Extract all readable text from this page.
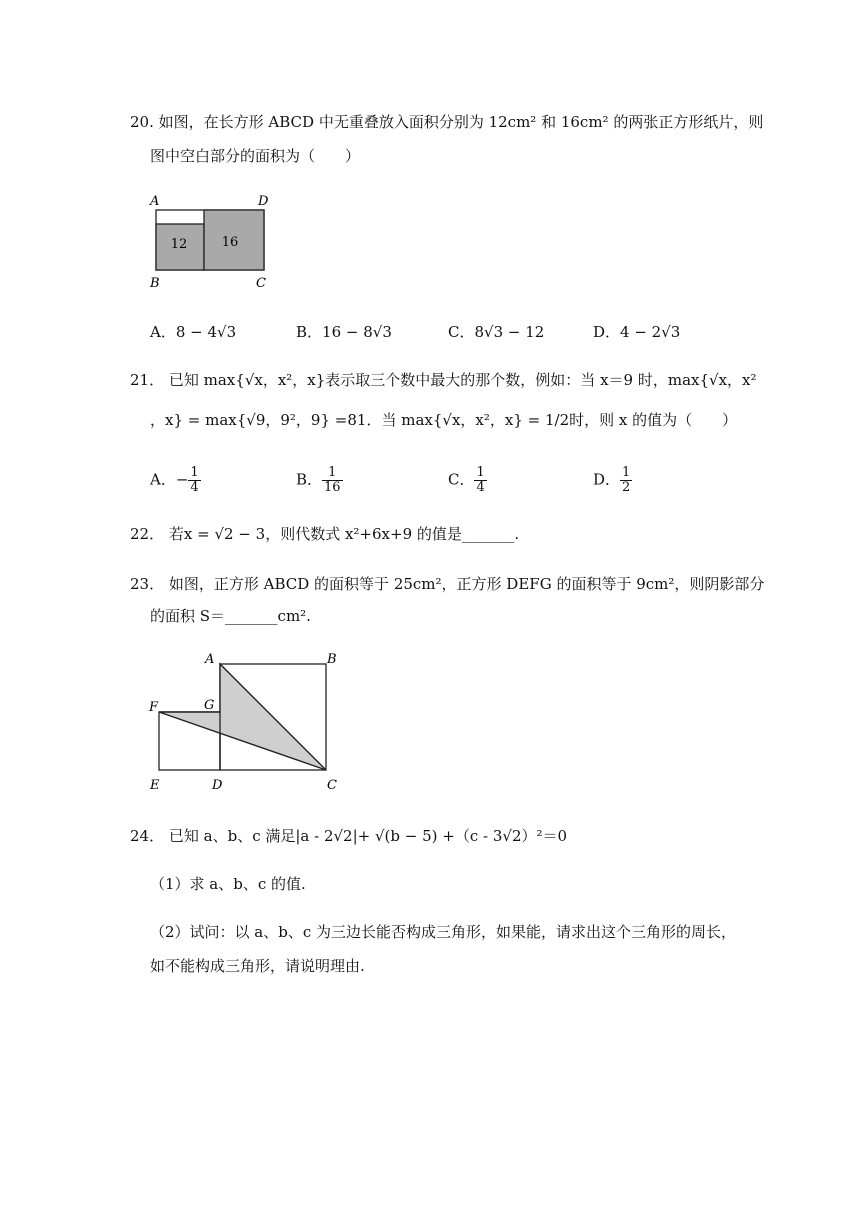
20. 如图，在长方形 ABCD 中无重叠放入面积分别为 12cm² 和 16cm² 的两张正方形纸片，则
图中空白部分的面积为（　　）
12	16
A	D
B	C
A．8 − 4√3	B．16 − 8√3	C．8√3 − 12	D．4 − 2√3
21． 已知 max{√x，x²，x}表示取三个数中最大的那个数，例如：当 x＝9 时，max{√x，x²
，x} = max{√9，9²，9} =81．当 max{√x，x²，x} = 1/2时，则 x 的值为（　　）
A．− $\frac{1}{4}$	B． $\frac{1}{16}$	C． $\frac{1}{4}$	D． $\frac{1}{2}$
22． 若x = √2 − 3，则代数式 x²+6x+9 的值是_______.
23． 如图，正方形 ABCD 的面积等于 25cm²，正方形 DEFG 的面积等于 9cm²，则阴影部分
的面积 S＝_______cm².
A	B
F	G
E	D	C
24． 已知 a、b、c 满足|a - 2√2|+ √(b − 5) +（c - 3√2）²＝0
（1）求 a、b、c 的值.
（2）试问：以 a、b、c 为三边长能否构成三角形，如果能，请求出这个三角形的周长，
如不能构成三角形，请说明理由.
